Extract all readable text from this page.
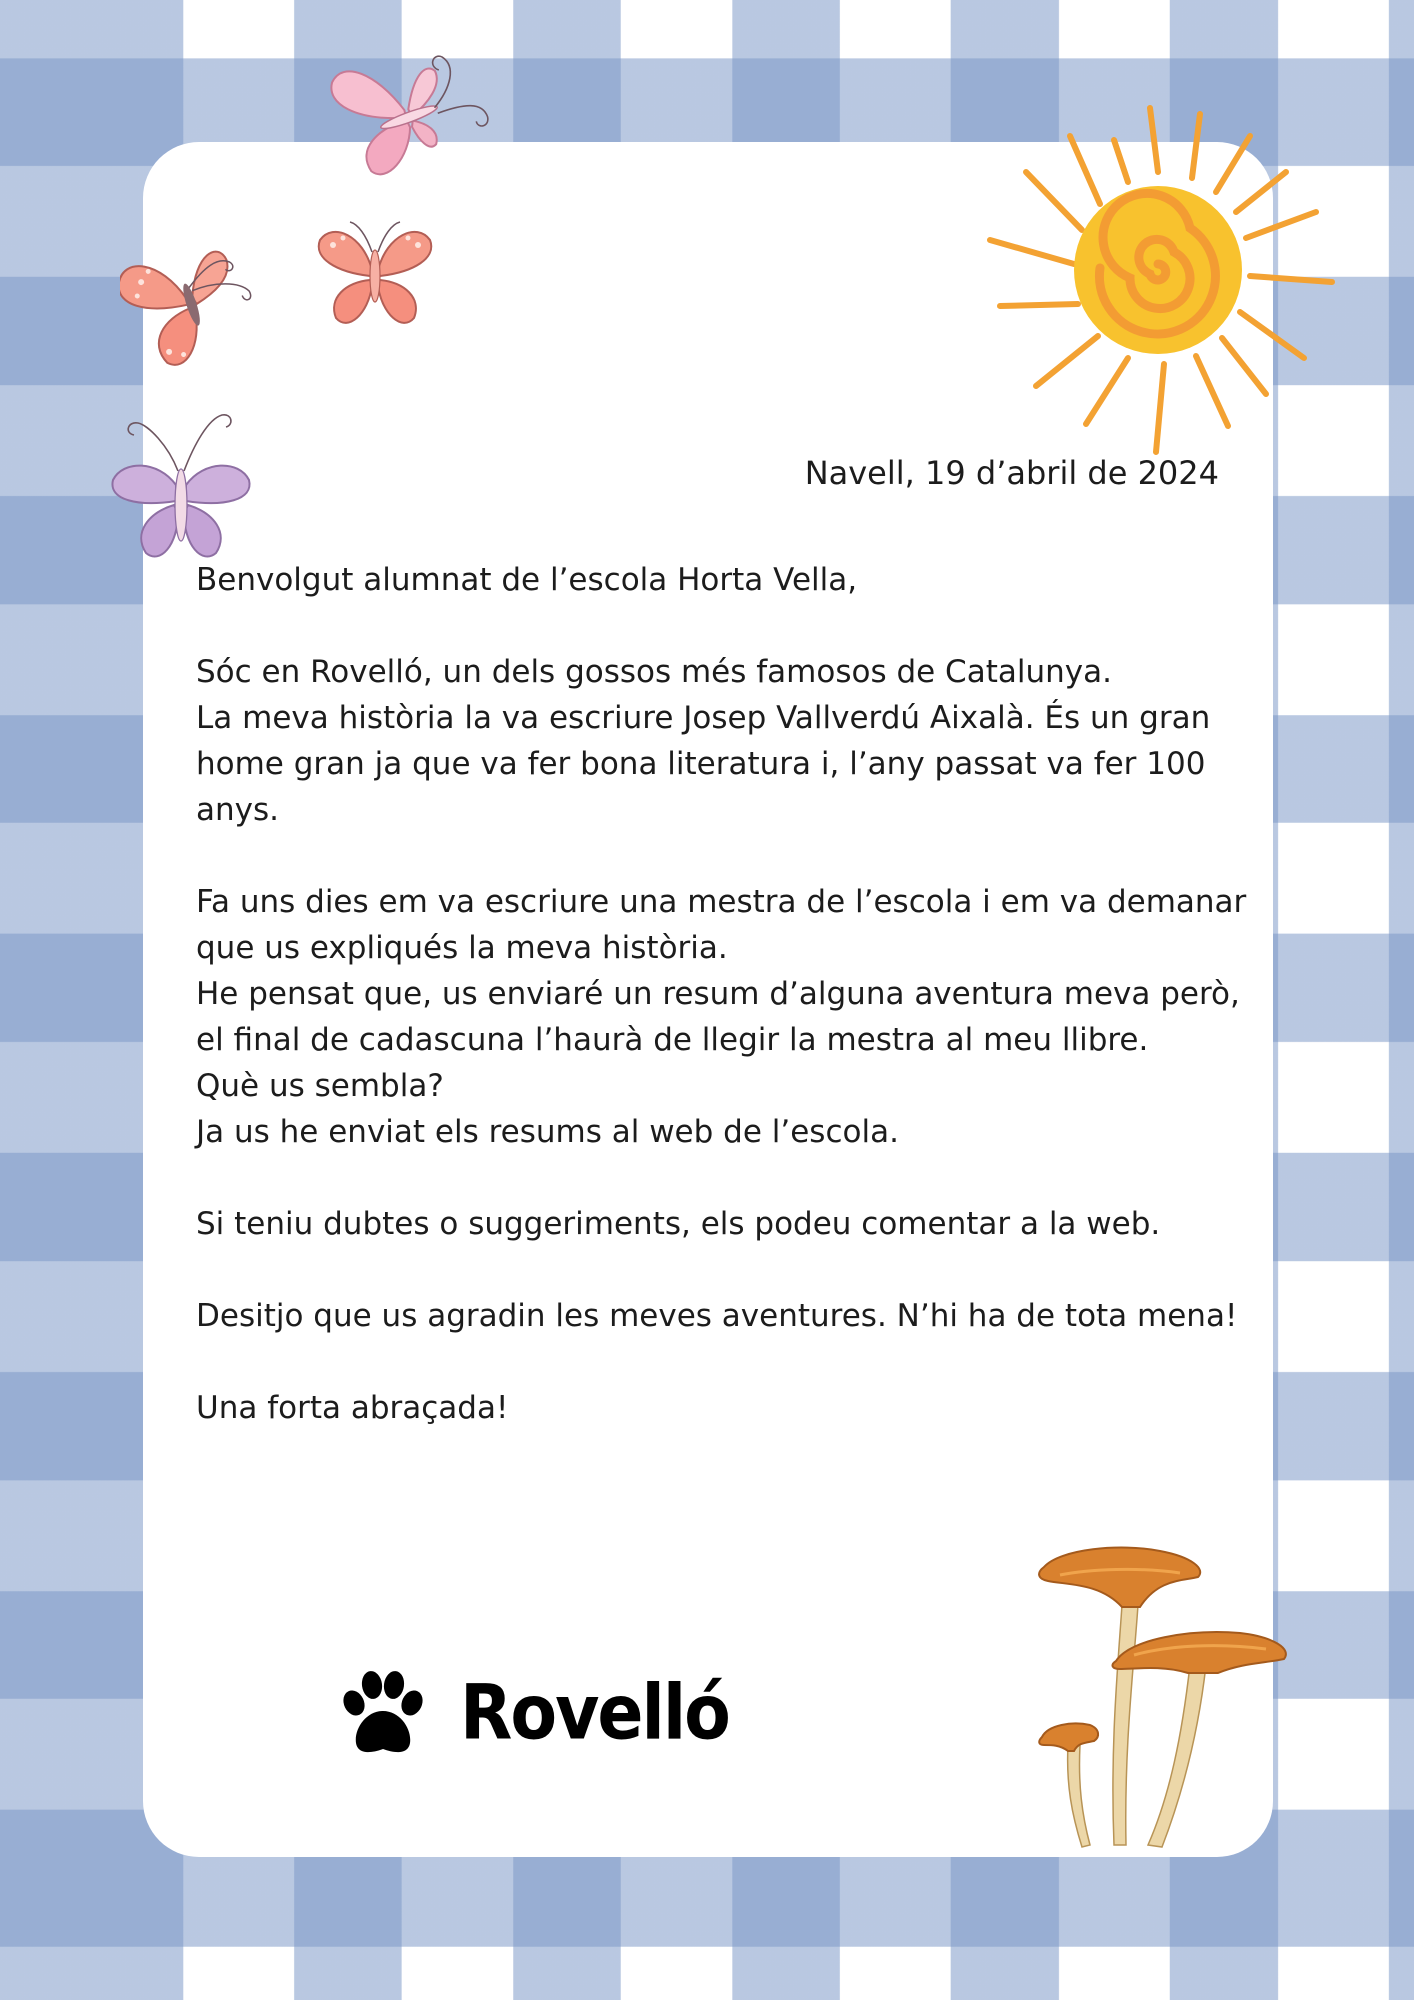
Navell, 19 d’abril de 2024

Benvolgut alumnat de l’escola Horta Vella,

Sóc en Rovelló, un dels gossos més famosos de Catalunya.
La meva història la va escriure Josep Vallverdú Aixalà. És un gran
home gran ja que va fer bona literatura i, l’any passat va fer 100
anys.

Fa uns dies em va escriure una mestra de l’escola i em va demanar
que us expliqués la meva història.
He pensat que, us enviaré un resum d’alguna aventura meva però,
el final de cadascuna l’haurà de llegir la mestra al meu llibre.
Què us sembla?
Ja us he enviat els resums al web de l’escola.

Si teniu dubtes o suggeriments, els podeu comentar a la web.

Desitjo que us agradin les meves aventures. N’hi ha de tota mena!

Una forta abraçada!

Rovelló
